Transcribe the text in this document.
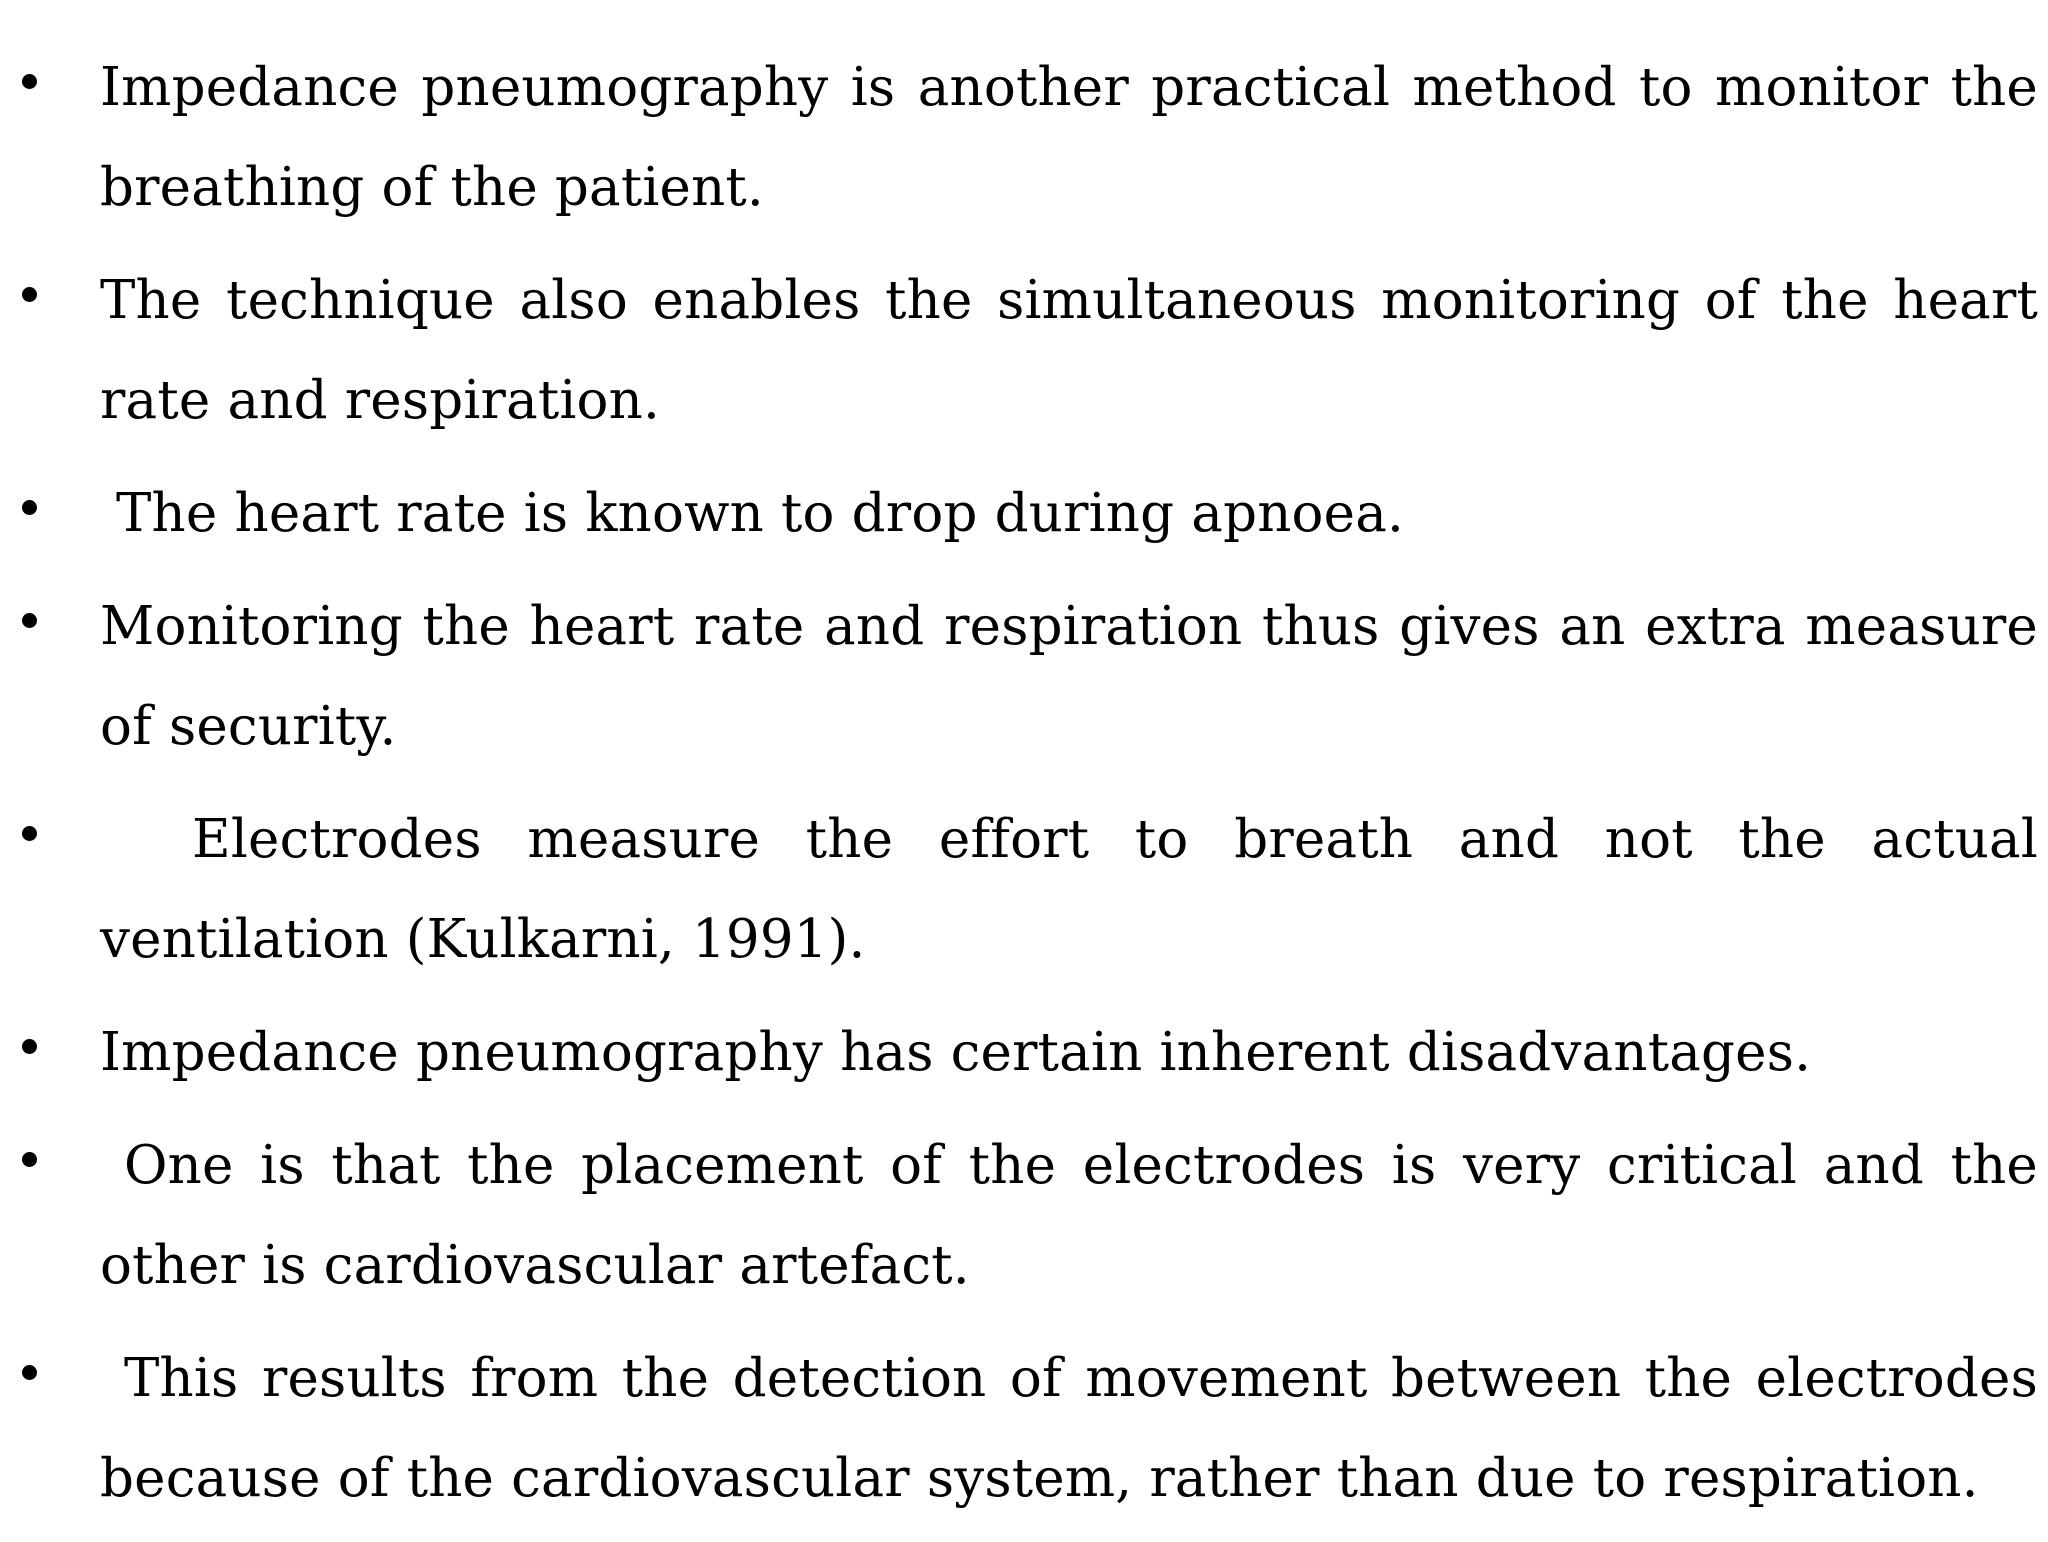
Impedance pneumography is another practical method to monitor the breathing of the patient.

The technique also enables the simultaneous monitoring of the heart rate and respiration.

The heart rate is known to drop during apnoea.

Monitoring the heart rate and respiration thus gives an extra measure of security.

Electrodes measure the effort to breath and not the actual ventilation (Kulkarni, 1991).

Impedance pneumography has certain inherent disadvantages.

One is that the placement of the electrodes is very critical and the other is cardiovascular artefact.

This results from the detection of movement between the electrodes because of the cardiovascular system, rather than due to respiration.
